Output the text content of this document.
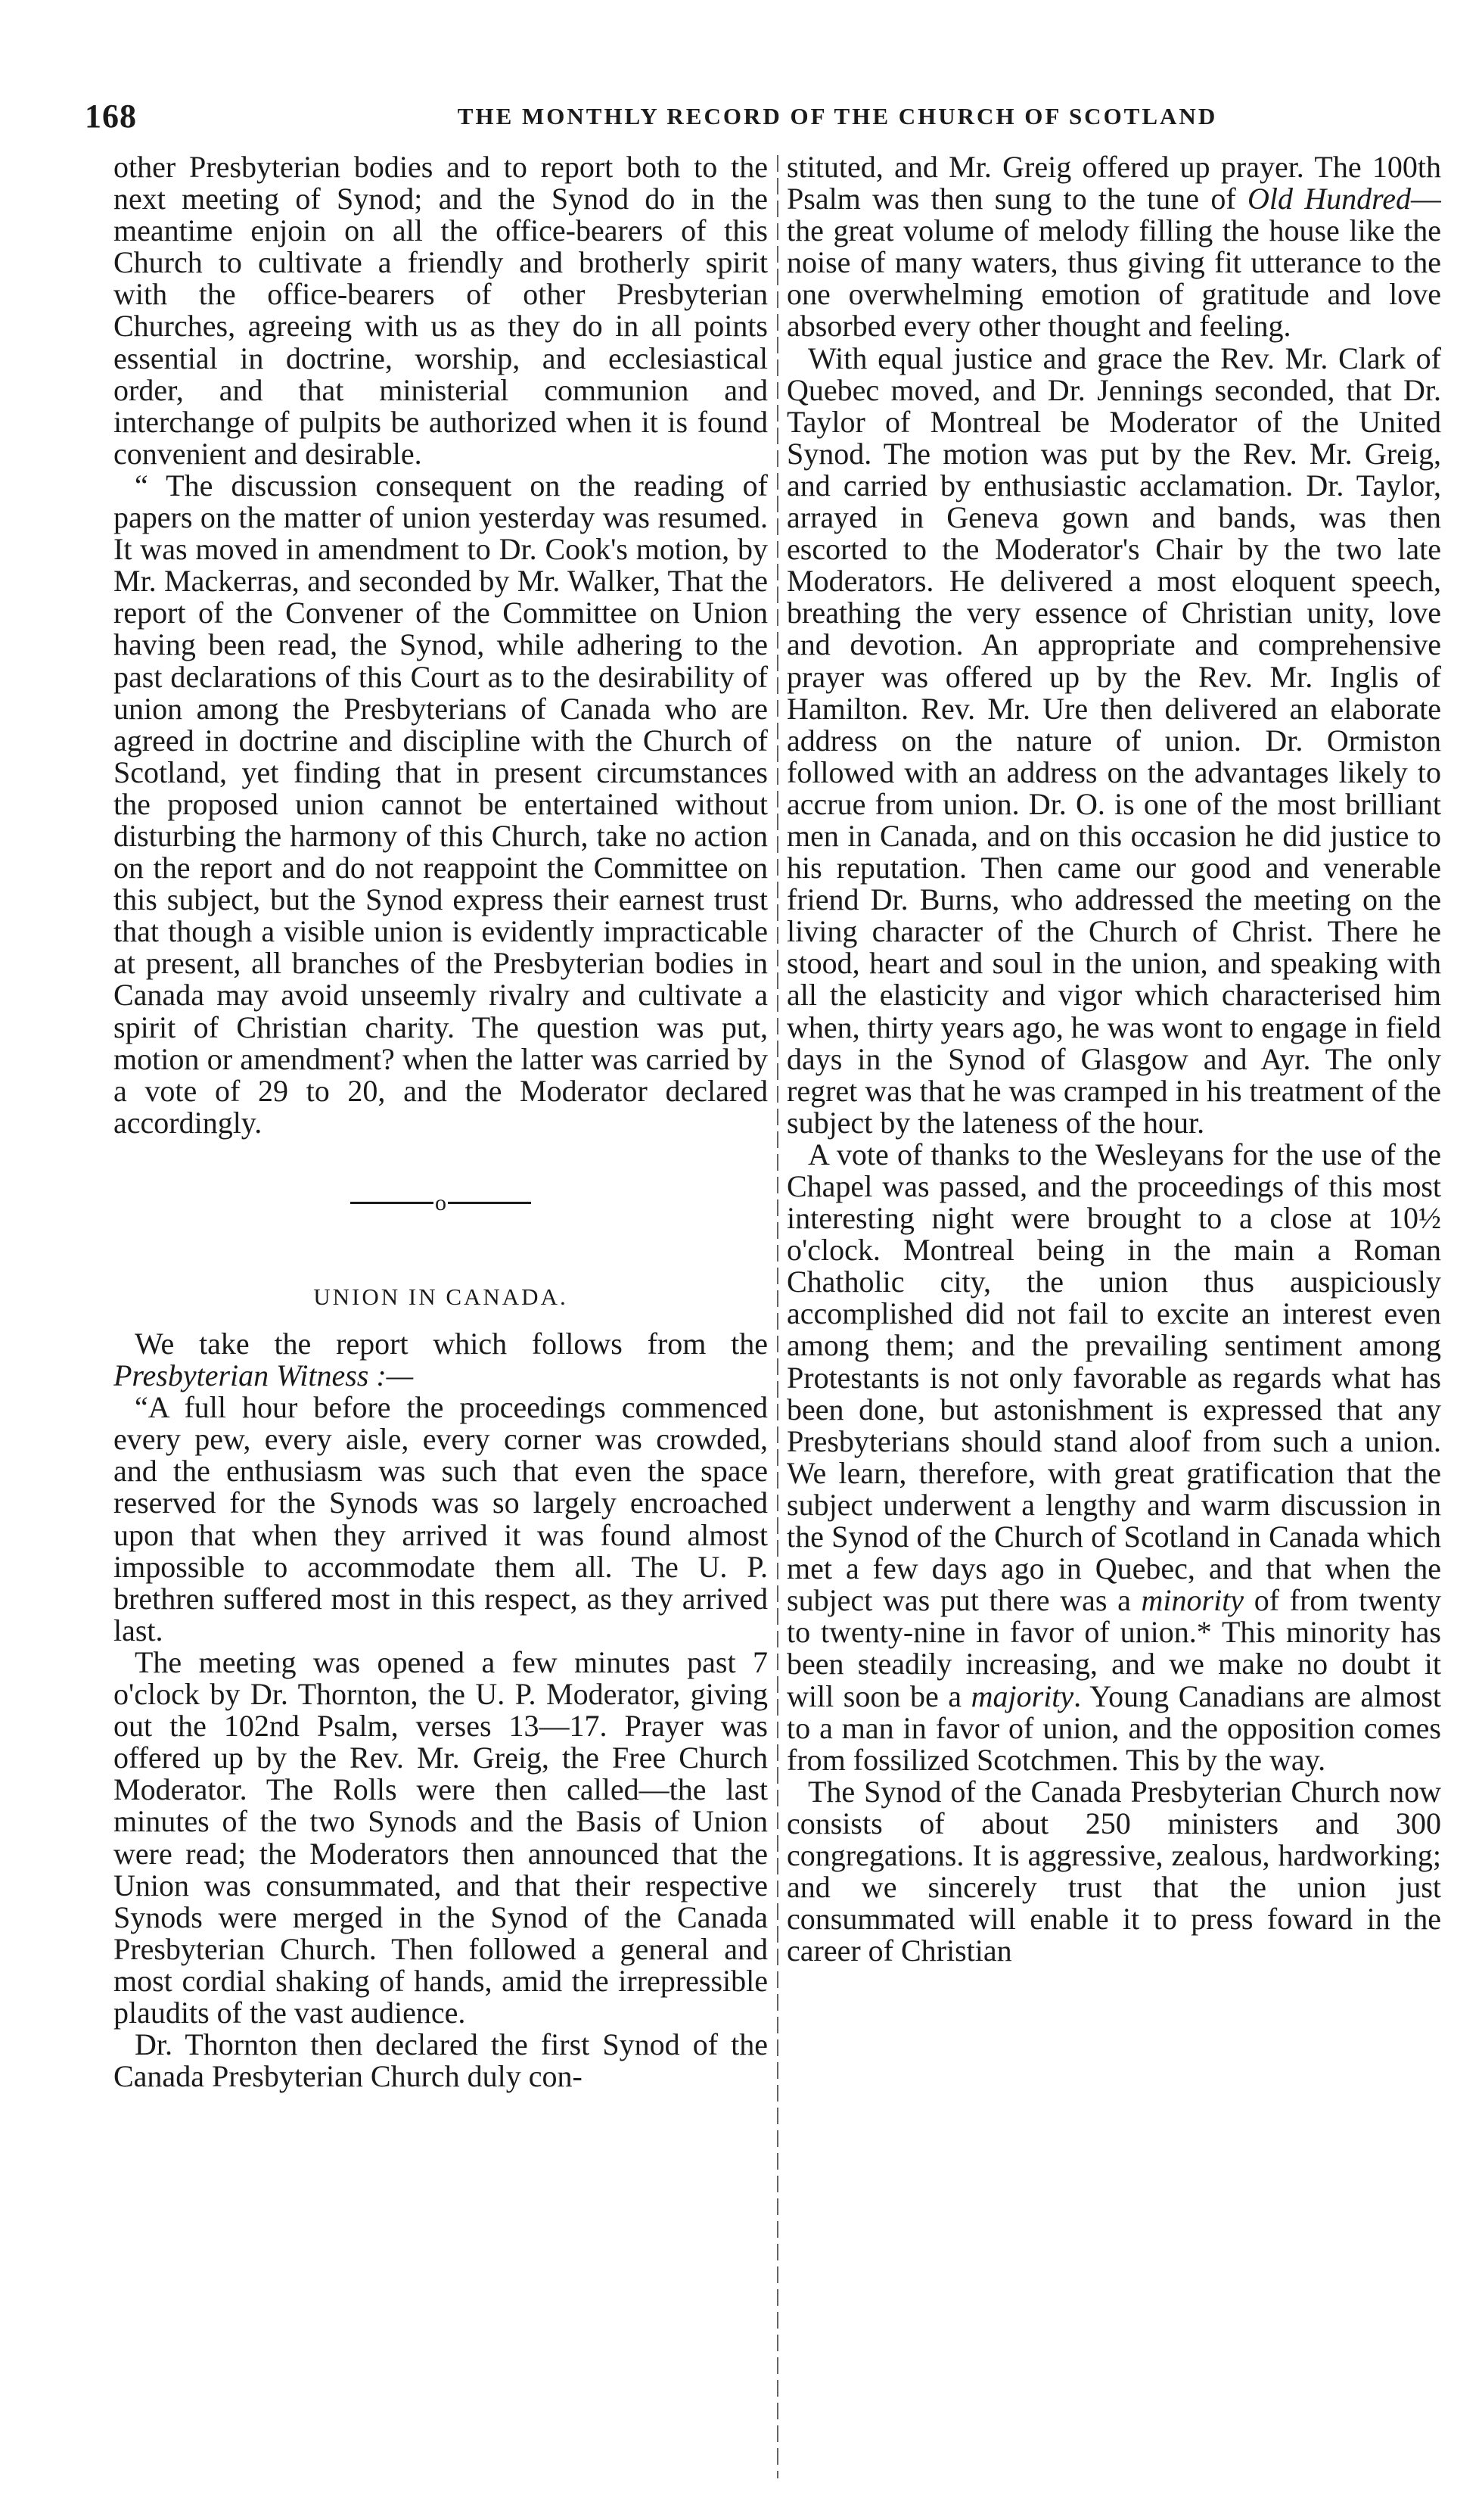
168	THE MONTHLY RECORD OF THE CHURCH OF SCOTLAND

other Presbyterian bodies and to report both to the next meeting of Synod; and the Synod do in the meantime enjoin on all the office-bearers of this Church to cultivate a friendly and brotherly spirit with the office-bearers of other Presbyterian Churches, agreeing with us as they do in all points essential in doctrine, worship, and ecclesiastical order, and that ministerial communion and interchange of pulpits be authorized when it is found convenient and desirable.

“ The discussion consequent on the reading of papers on the matter of union yesterday was resumed. It was moved in amendment to Dr. Cook's motion, by Mr. Mackerras, and seconded by Mr. Walker, That the report of the Convener of the Committee on Union having been read, the Synod, while adhering to the past declarations of this Court as to the desirability of union among the Presbyterians of Canada who are agreed in doctrine and discipline with the Church of Scotland, yet finding that in present circumstances the proposed union cannot be entertained without disturbing the harmony of this Church, take no action on the report and do not reappoint the Committee on this subject, but the Synod express their earnest trust that though a visible union is evidently impracticable at present, all branches of the Presbyterian bodies in Canada may avoid unseemly rivalry and cultivate a spirit of Christian charity. The question was put, motion or amendment? when the latter was carried by a vote of 29 to 20, and the Moderator declared accordingly.

o
UNION IN CANADA.

We take the report which follows from the Presbyterian Witness :—

“A full hour before the proceedings commenced every pew, every aisle, every corner was crowded, and the enthusiasm was such that even the space reserved for the Synods was so largely encroached upon that when they arrived it was found almost impossible to accommodate them all. The U. P. brethren suffered most in this respect, as they arrived last.

The meeting was opened a few minutes past 7 o'clock by Dr. Thornton, the U. P. Moderator, giving out the 102nd Psalm, verses 13—17. Prayer was offered up by the Rev. Mr. Greig, the Free Church Moderator. The Rolls were then called—the last minutes of the two Synods and the Basis of Union were read; the Moderators then announced that the Union was consummated, and that their respective Synods were merged in the Synod of the Canada Presbyterian Church. Then followed a general and most cordial shaking of hands, amid the irrepressible plaudits of the vast audience.

Dr. Thornton then declared the first Synod of the Canada Presbyterian Church duly con-

stituted, and Mr. Greig offered up prayer. The 100th Psalm was then sung to the tune of Old Hundred—the great volume of melody filling the house like the noise of many waters, thus giving fit utterance to the one overwhelming emotion of gratitude and love absorbed every other thought and feeling.

With equal justice and grace the Rev. Mr. Clark of Quebec moved, and Dr. Jennings seconded, that Dr. Taylor of Montreal be Moderator of the United Synod. The motion was put by the Rev. Mr. Greig, and carried by enthusiastic acclamation. Dr. Taylor, arrayed in Geneva gown and bands, was then escorted to the Moderator's Chair by the two late Moderators. He delivered a most eloquent speech, breathing the very essence of Christian unity, love and devotion. An appropriate and comprehensive prayer was offered up by the Rev. Mr. Inglis of Hamilton. Rev. Mr. Ure then delivered an elaborate address on the nature of union. Dr. Ormiston followed with an address on the advantages likely to accrue from union. Dr. O. is one of the most brilliant men in Canada, and on this occasion he did justice to his reputation. Then came our good and venerable friend Dr. Burns, who addressed the meeting on the living character of the Church of Christ. There he stood, heart and soul in the union, and speaking with all the elasticity and vigor which characterised him when, thirty years ago, he was wont to engage in field days in the Synod of Glasgow and Ayr. The only regret was that he was cramped in his treatment of the subject by the lateness of the hour.

A vote of thanks to the Wesleyans for the use of the Chapel was passed, and the proceedings of this most interesting night were brought to a close at 10½ o'clock. Montreal being in the main a Roman Chatholic city, the union thus auspiciously accomplished did not fail to excite an interest even among them; and the prevailing sentiment among Protestants is not only favorable as regards what has been done, but astonishment is expressed that any Presbyterians should stand aloof from such a union. We learn, therefore, with great gratification that the subject underwent a lengthy and warm discussion in the Synod of the Church of Scotland in Canada which met a few days ago in Quebec, and that when the subject was put there was a minority of from twenty to twenty-nine in favor of union.* This minority has been steadily increasing, and we make no doubt it will soon be a majority. Young Canadians are almost to a man in favor of union, and the opposition comes from fossilized Scotchmen. This by the way.

The Synod of the Canada Presbyterian Church now consists of about 250 ministers and 300 congregations. It is aggressive, zealous, hardworking; and we sincerely trust that the union just consummated will enable it to press foward in the career of Christian
